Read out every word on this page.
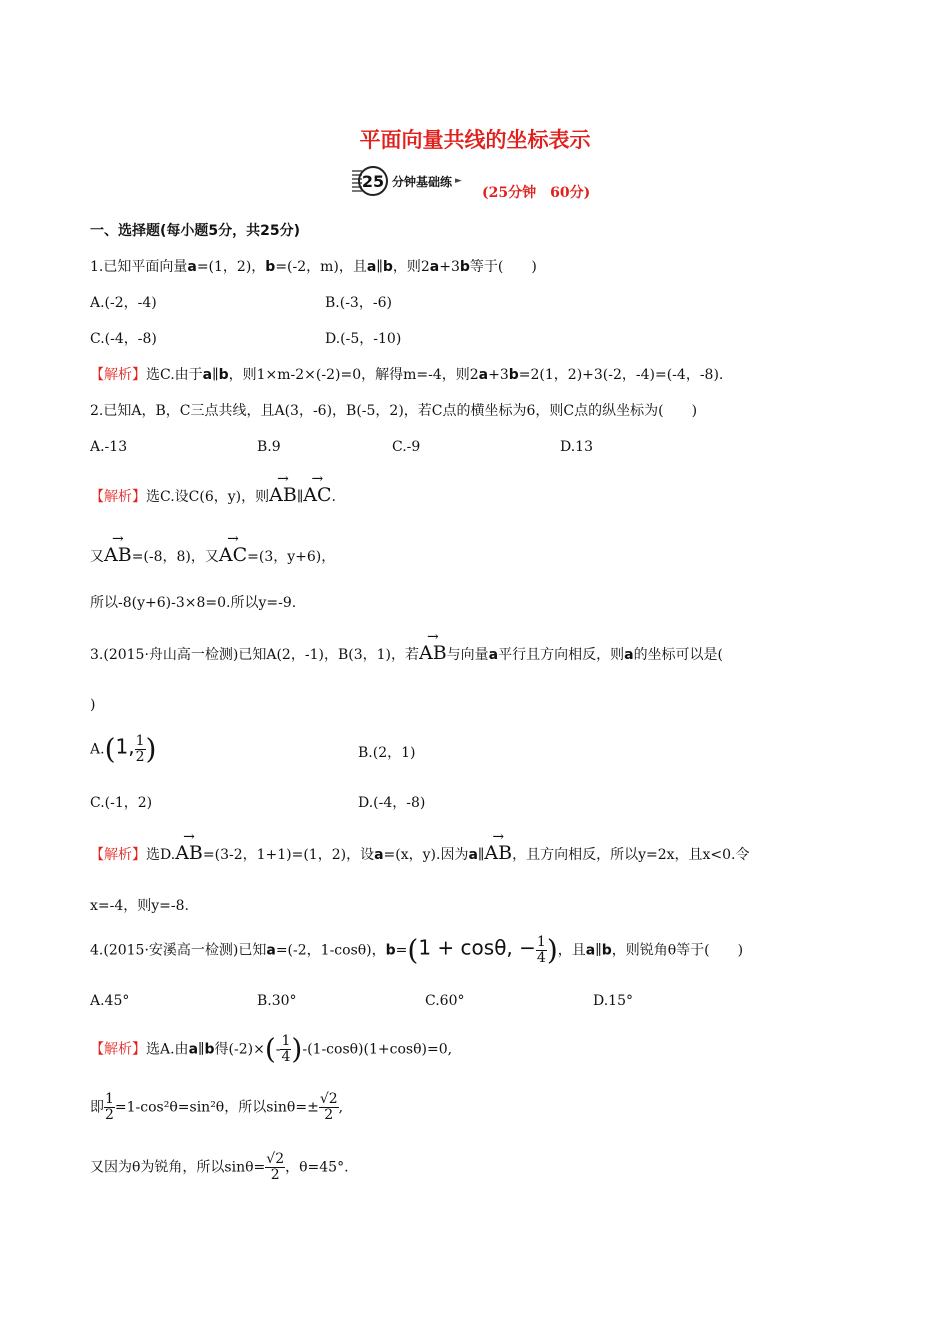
平面向量共线的坐标表示
25 分钟基础练 ►
(25分钟　60分)
一、选择题(每小题5分，共25分)
1.已知平面向量a=(1，2)，b=(-2，m)，且a∥b，则2a+3b等于(　　)
A.(-2，-4)	B.(-3，-6)
C.(-4，-8)	D.(-5，-10)
【解析】选C.由于a∥b，则1×m-2×(-2)=0，解得m=-4，则2a+3b=2(1，2)+3(-2，-4)=(-4，-8).
2.已知A，B，C三点共线，且A(3，-6)，B(-5，2)，若C点的横坐标为6，则C点的纵坐标为(　　)
A.-13	B.9	C.-9	D.13
【解析】选C.设C(6，y)，则
→
AB∥
→
AC.
又
→
AB=(-8，8)，又
→
AC=(3，y+6)，
所以-8(y+6)-3×8=0.所以y=-9.
3.(2015·舟山高一检测)已知A(2，-1)，B(3，1)，若
→
AB与向量a平行且方向相反，则a的坐标可以是(
)
A.(1, $\frac{1}{2}$ )	B.(2，1)
C.(-1，2)	D.(-4，-8)
【解析】选D.
→
AB=(3-2，1+1)=(1，2)，设a=(x，y).因为a∥
→
AB，且方向相反，所以y=2x，且x<0.令
x=-4，则y=-8.
4.(2015·安溪高一检测)已知a=(-2，1-cosθ)，b=(1 + cosθ, − $\frac{1}{4}$ )，且a∥b，则锐角θ等于(　　)
A.45°	B.30°	C.60°	D.15°
【解析】选A.由a∥b得$(-2)\times(- \frac{1}{4} )-(1-\cos\theta)(1+\cos\theta)=0$,
即 $\frac{1}{2} =1-\cos^2\theta=\sin^2\theta$，所以$\sin\theta=\pm \frac{√2}{2}$ ,
又因为θ为锐角，所以$\sin\theta= \frac{√2}{2}$ ，θ=45°.
